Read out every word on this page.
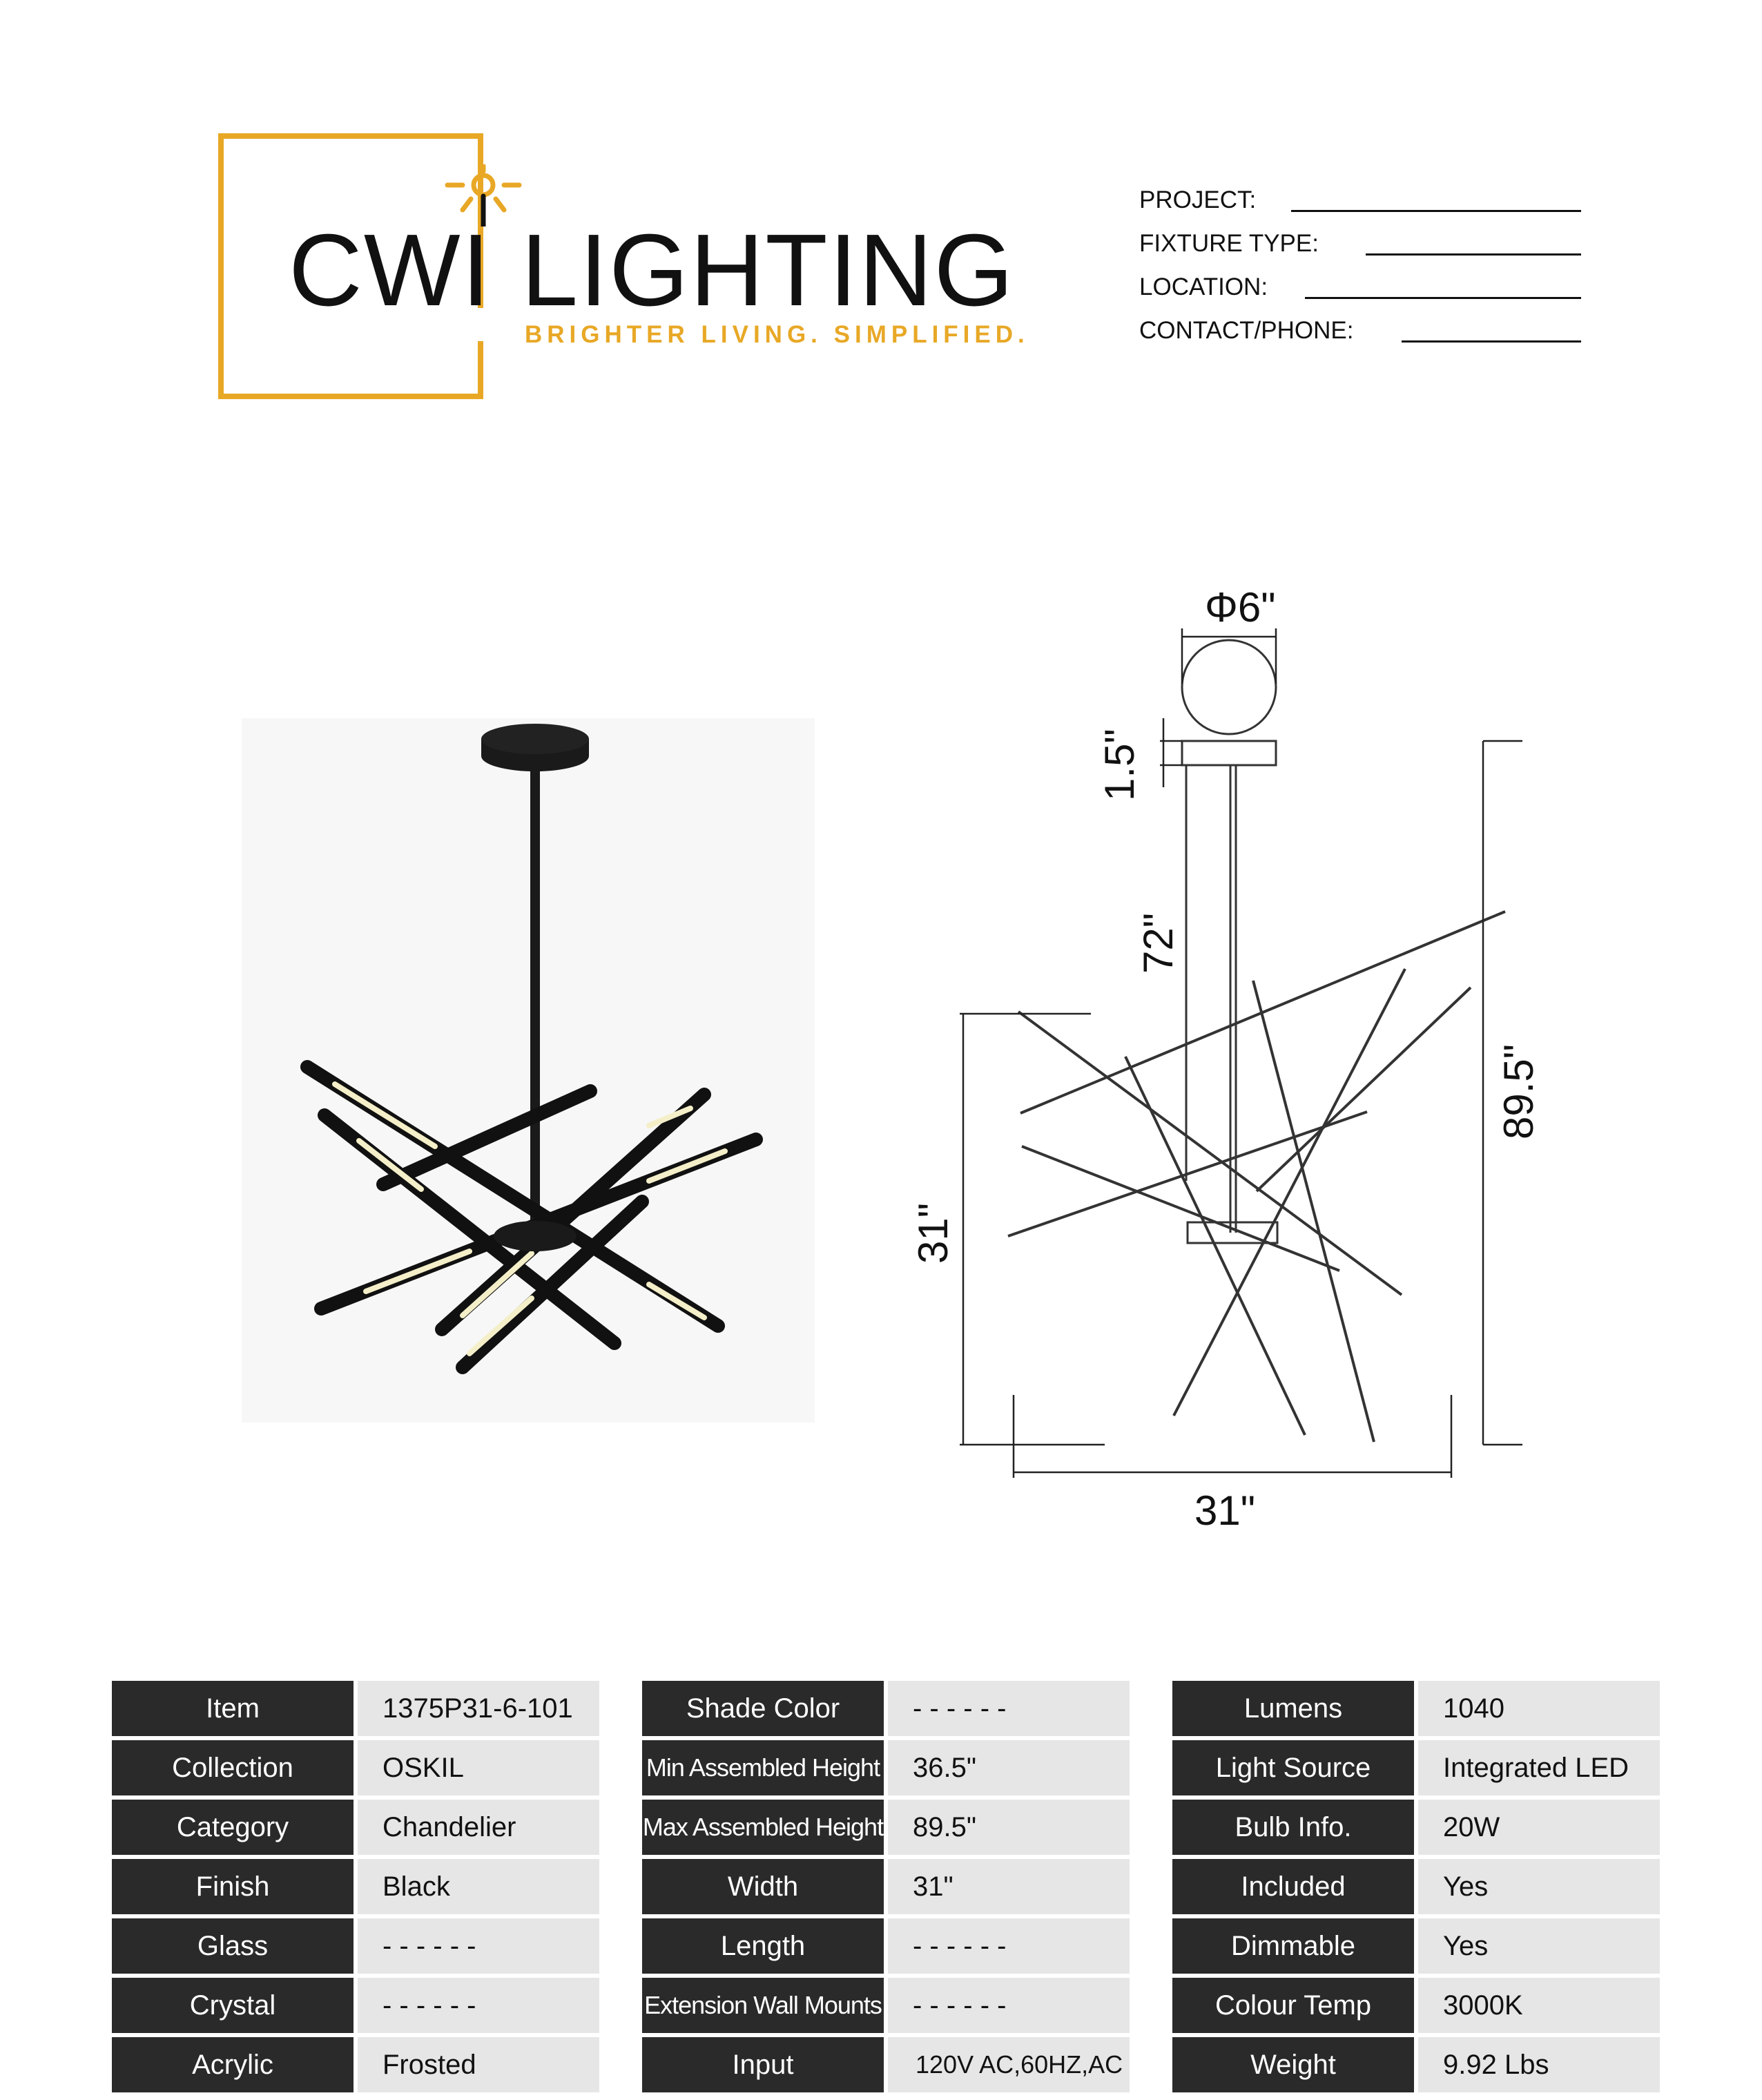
CWI LIGHTING
BRIGHTER LIVING. SIMPLIFIED.
PROJECT:
FIXTURE TYPE:
LOCATION:
CONTACT/PHONE:
Φ6"
1.5"
72"
31"
89.5"
31"
Item	1375P31-6-101
Collection	OSKIL
Category	Chandelier
Finish	Black
Glass	- - - - - -
Crystal	- - - - - -
Acrylic	Frosted
Shade Color	- - - - - -
Min Assembled Height	36.5"
Max Assembled Height	89.5"
Width	31"
Length	- - - - - -
Extension Wall Mounts	- - - - - -
Input	120V AC,60HZ,AC
Lumens	1040
Light Source	Integrated LED
Bulb Info.	20W
Included	Yes
Dimmable	Yes
Colour Temp	3000K
Weight	9.92 Lbs
